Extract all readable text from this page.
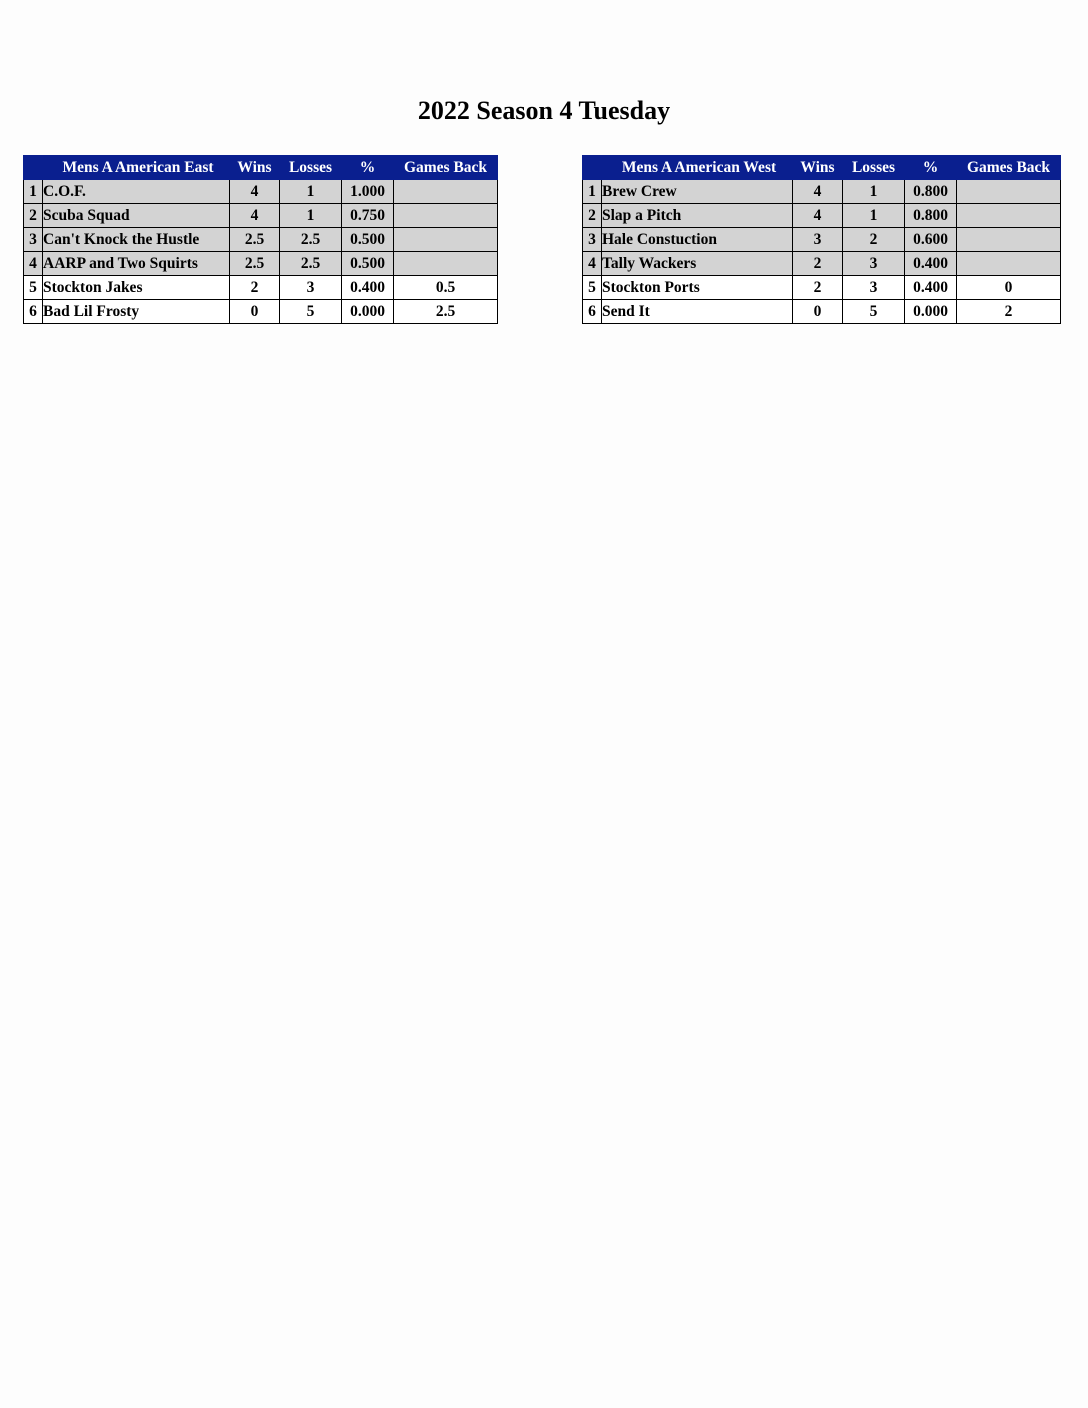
2022 Season 4 Tuesday
	Mens A American East	Wins	Losses	%	Games Back
1	C.O.F.	4	1	1.000	
2	Scuba Squad	4	1	0.750	
3	Can't Knock the Hustle	2.5	2.5	0.500	
4	AARP and Two Squirts	2.5	2.5	0.500	
5	Stockton Jakes	2	3	0.400	0.5
6	Bad Lil Frosty	0	5	0.000	2.5
	Mens A American West	Wins	Losses	%	Games Back
1	Brew Crew	4	1	0.800	
2	Slap a Pitch	4	1	0.800	
3	Hale Constuction	3	2	0.600	
4	Tally Wackers	2	3	0.400	
5	Stockton Ports	2	3	0.400	0
6	Send It	0	5	0.000	2
